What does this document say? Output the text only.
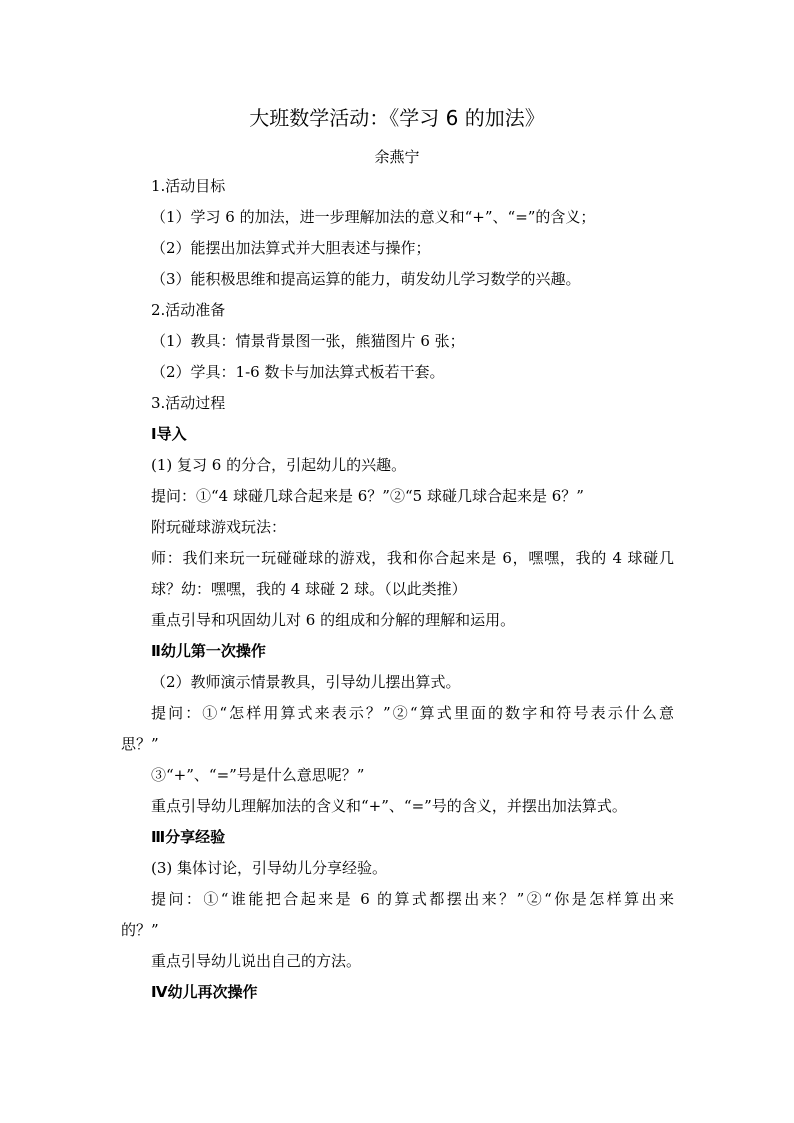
大班数学活动：《学习 6 的加法》
余燕宁
1.活动目标
（1）学习 6 的加法，进一步理解加法的意义和“+”、“=”的含义；
（2）能摆出加法算式并大胆表述与操作；
（3）能积极思维和提高运算的能力，萌发幼儿学习数学的兴趣。
2.活动准备
（1）教具：情景背景图一张，熊猫图片 6 张；
（2）学具：1-6 数卡与加法算式板若干套。
3.活动过程
Ⅰ导入
(1) 复习 6 的分合，引起幼儿的兴趣。
提问：①“4 球碰几球合起来是 6？”②“5 球碰几球合起来是 6？”
附玩碰球游戏玩法：
师：我们来玩一玩碰碰球的游戏，我和你合起来是 6，嘿嘿，我的 4 球碰几
球？幼：嘿嘿，我的 4 球碰 2 球。（以此类推）
重点引导和巩固幼儿对 6 的组成和分解的理解和运用。
Ⅱ幼儿第一次操作
（2）教师演示情景教具，引导幼儿摆出算式。
提问：①“怎样用算式来表示？”②“算式里面的数字和符号表示什么意
思？”
③“+”、“=”号是什么意思呢？”
重点引导幼儿理解加法的含义和“+”、“=”号的含义，并摆出加法算式。
Ⅲ分享经验
(3) 集体讨论，引导幼儿分享经验。
提问：①“谁能把合起来是 6 的算式都摆出来？”②“你是怎样算出来
的？”
重点引导幼儿说出自己的方法。
Ⅳ幼儿再次操作
